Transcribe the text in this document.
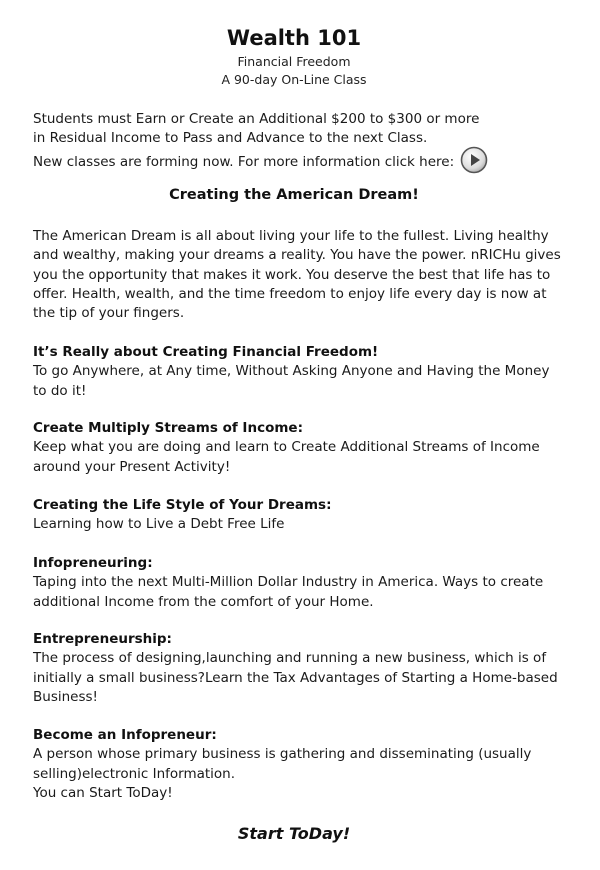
Wealth 101
Financial Freedom
A 90-day On-Line Class
Students must Earn or Create an Additional $200 to $300 or more
in Residual Income to Pass and Advance to the next Class.
New classes are forming now. For more information click here:
Creating the American Dream!
The American Dream is all about living your life to the fullest. Living healthy and wealthy, making your dreams a reality. You have the power. nRICHu gives you the opportunity that makes it work. You deserve the best that life has to offer. Health, wealth, and the time freedom to enjoy life every day is now at the tip of your fingers.
It’s Really about Creating Financial Freedom!
To go Anywhere, at Any time, Without Asking Anyone and Having the Money to do it!
Create Multiply Streams of Income:
Keep what you are doing and learn to Create Additional Streams of Income around your Present Activity!
Creating the Life Style of Your Dreams:
Learning how to Live a Debt Free Life
Infopreneuring:
Taping into the next Multi-Million Dollar Industry in America. Ways to create additional Income from the comfort of your Home.
Entrepreneurship:
The process of designing,launching and running a new business, which is of initially a small business?Learn the Tax Advantages of Starting a Home-based Business!
Become an Infopreneur:
A person whose primary business is gathering and disseminating (usually selling)electronic Information.
You can Start ToDay!
Start ToDay!
